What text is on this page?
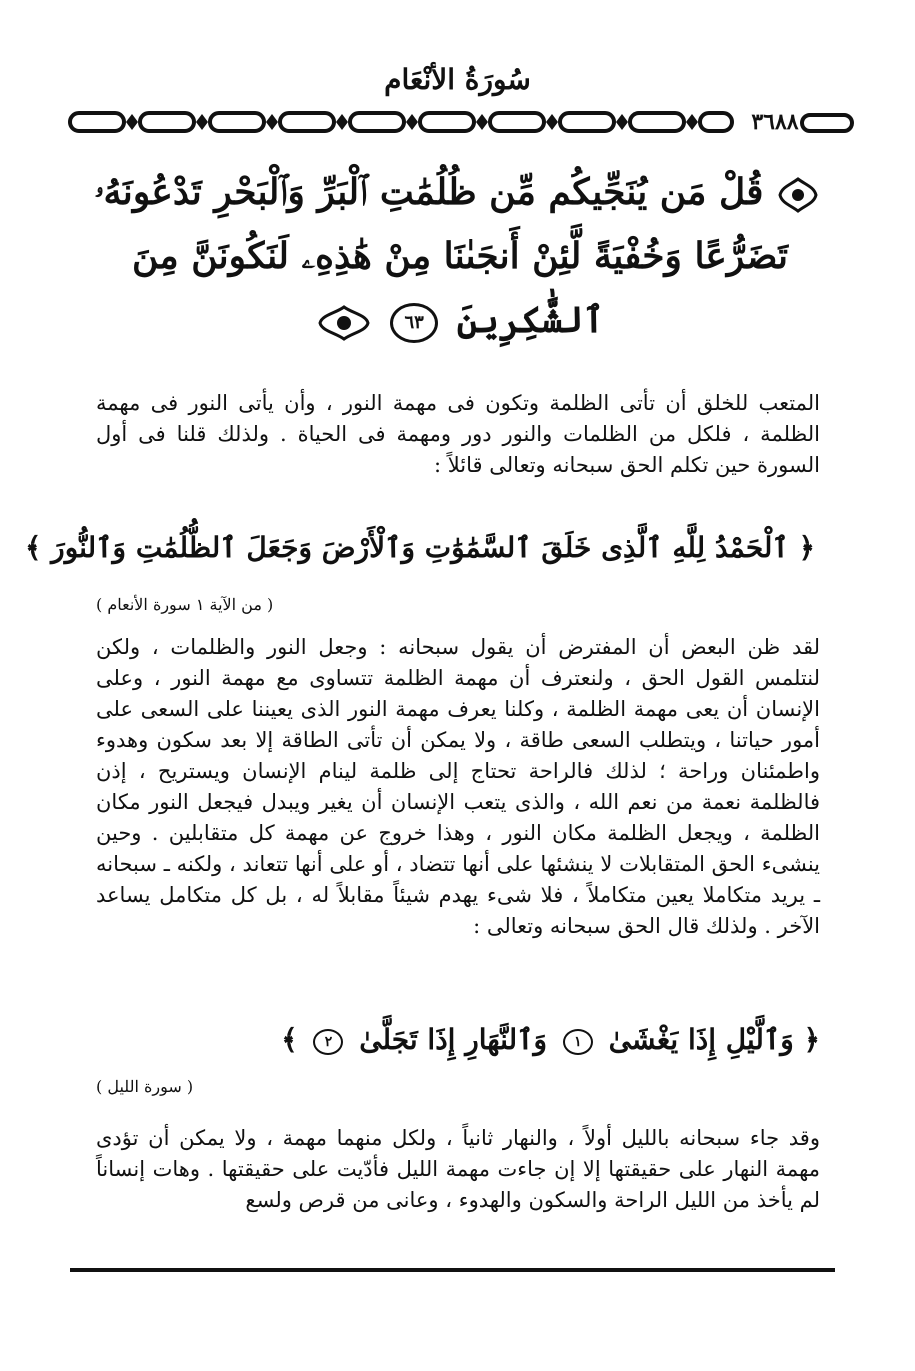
سُورَةُ الأنْعَام
٣٦٨٨
قُلْ مَن يُنَجِّيكُم مِّن ظُلُمَٰتِ ٱلْبَرِّ وَٱلْبَحْرِ تَدْعُونَهُۥ
تَضَرُّعًا وَخُفْيَةً لَّئِنْ أَنجَىٰنَا مِنْ هَٰذِهِۦ لَنَكُونَنَّ مِنَ
ٱلشَّٰكِرِينَ ٦٣

المتعب للخلق أن تأتى الظلمة وتكون فى مهمة النور ، وأن يأتى النور فى مهمة الظلمة ، فلكل من الظلمات والنور دور ومهمة فى الحياة . ولذلك قلنا فى أول السورة حين تكلم الحق سبحانه وتعالى قائلاً :

﴿ ٱلْحَمْدُ لِلَّهِ ٱلَّذِى خَلَقَ ٱلسَّمَٰوَٰتِ وَٱلْأَرْضَ وَجَعَلَ ٱلظُّلُمَٰتِ وَٱلنُّورَ ﴾
( من الآية ١ سورة الأنعام )

لقد ظن البعض أن المفترض أن يقول سبحانه : وجعل النور والظلمات ، ولكن لنتلمس القول الحق ، ولنعترف أن مهمة الظلمة تتساوى مع مهمة النور ، وعلى الإنسان أن يعى مهمة الظلمة ، وكلنا يعرف مهمة النور الذى يعيننا على السعى على أمور حياتنا ، ويتطلب السعى طاقة ، ولا يمكن أن تأتى الطاقة إلا بعد سكون وهدوء واطمئنان وراحة ؛ لذلك فالراحة تحتاج إلى ظلمة لينام الإنسان ويستريح ، إذن فالظلمة نعمة من نعم الله ، والذى يتعب الإنسان أن يغير ويبدل فيجعل النور مكان الظلمة ، ويجعل الظلمة مكان النور ، وهذا خروج عن مهمة كل متقابلين . وحين ينشىء الحق المتقابلات لا ينشئها على أنها تتضاد ، أو على أنها تتعاند ، ولكنه ـ سبحانه ـ يريد متكاملا يعين متكاملاً ، فلا شىء يهدم شيئاً مقابلاً له ، بل كل متكامل يساعد الآخر . ولذلك قال الحق سبحانه وتعالى :

﴿ وَٱلَّيْلِ إِذَا يَغْشَىٰ ١ وَٱلنَّهَارِ إِذَا تَجَلَّىٰ ٢ ﴾
( سورة الليل )

وقد جاء سبحانه بالليل أولاً ، والنهار ثانياً ، ولكل منهما مهمة ، ولا يمكن أن تؤدى مهمة النهار على حقيقتها إلا إن جاءت مهمة الليل فأدّيت على حقيقتها . وهات إنساناً لم يأخذ من الليل الراحة والسكون والهدوء ، وعانى من قرص ولسع
